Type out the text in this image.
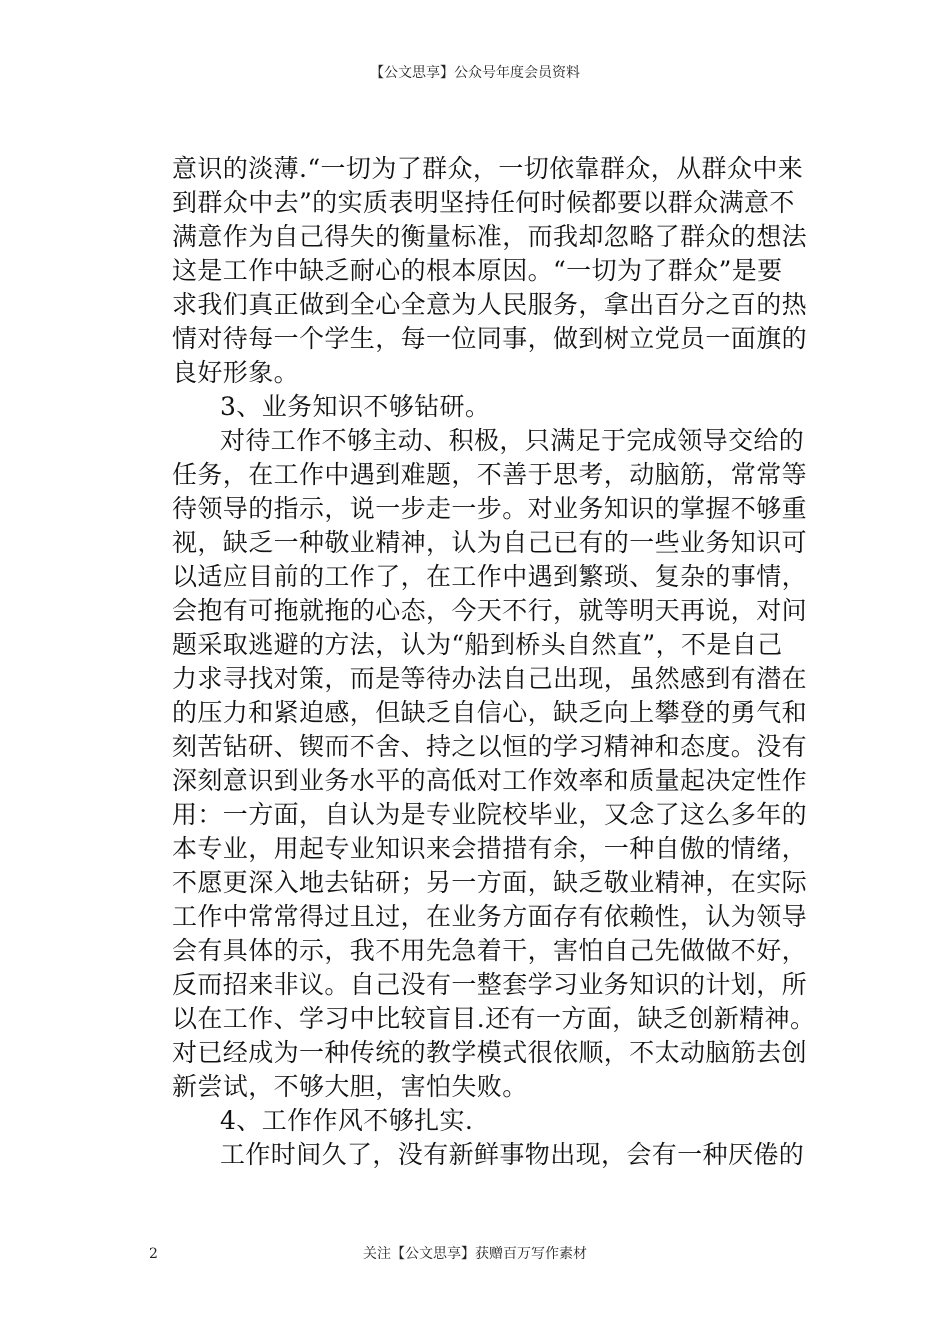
【公文思享】公众号年度会员资料
意识的淡薄.“一切为了群众，一切依靠群众，从群众中来
到群众中去”的实质表明坚持任何时候都要以群众满意不
满意作为自己得失的衡量标准，而我却忽略了群众的想法
这是工作中缺乏耐心的根本原因。“一切为了群众”是要
求我们真正做到全心全意为人民服务，拿出百分之百的热
情对待每一个学生，每一位同事，做到树立党员一面旗的
良好形象。
3、业务知识不够钻研。
对待工作不够主动、积极，只满足于完成领导交给的
任务，在工作中遇到难题，不善于思考，动脑筋，常常等
待领导的指示，说一步走一步。对业务知识的掌握不够重
视，缺乏一种敬业精神，认为自己已有的一些业务知识可
以适应目前的工作了，在工作中遇到繁琐、复杂的事情，
会抱有可拖就拖的心态，今天不行，就等明天再说，对问
题采取逃避的方法，认为“船到桥头自然直”，不是自己
力求寻找对策，而是等待办法自己出现，虽然感到有潜在
的压力和紧迫感，但缺乏自信心，缺乏向上攀登的勇气和
刻苦钻研、锲而不舍、持之以恒的学习精神和态度。没有
深刻意识到业务水平的高低对工作效率和质量起决定性作
用：一方面，自认为是专业院校毕业，又念了这么多年的
本专业，用起专业知识来会措措有余，一种自傲的情绪，
不愿更深入地去钻研；另一方面，缺乏敬业精神，在实际
工作中常常得过且过，在业务方面存有依赖性，认为领导
会有具体的示，我不用先急着干，害怕自己先做做不好，
反而招来非议。自己没有一整套学习业务知识的计划，所
以在工作、学习中比较盲目.还有一方面，缺乏创新精神。
对已经成为一种传统的教学模式很依顺，不太动脑筋去创
新尝试，不够大胆，害怕失败。
4、工作作风不够扎实.
工作时间久了，没有新鲜事物出现，会有一种厌倦的
2	关注【公文思享】获赠百万写作素材
